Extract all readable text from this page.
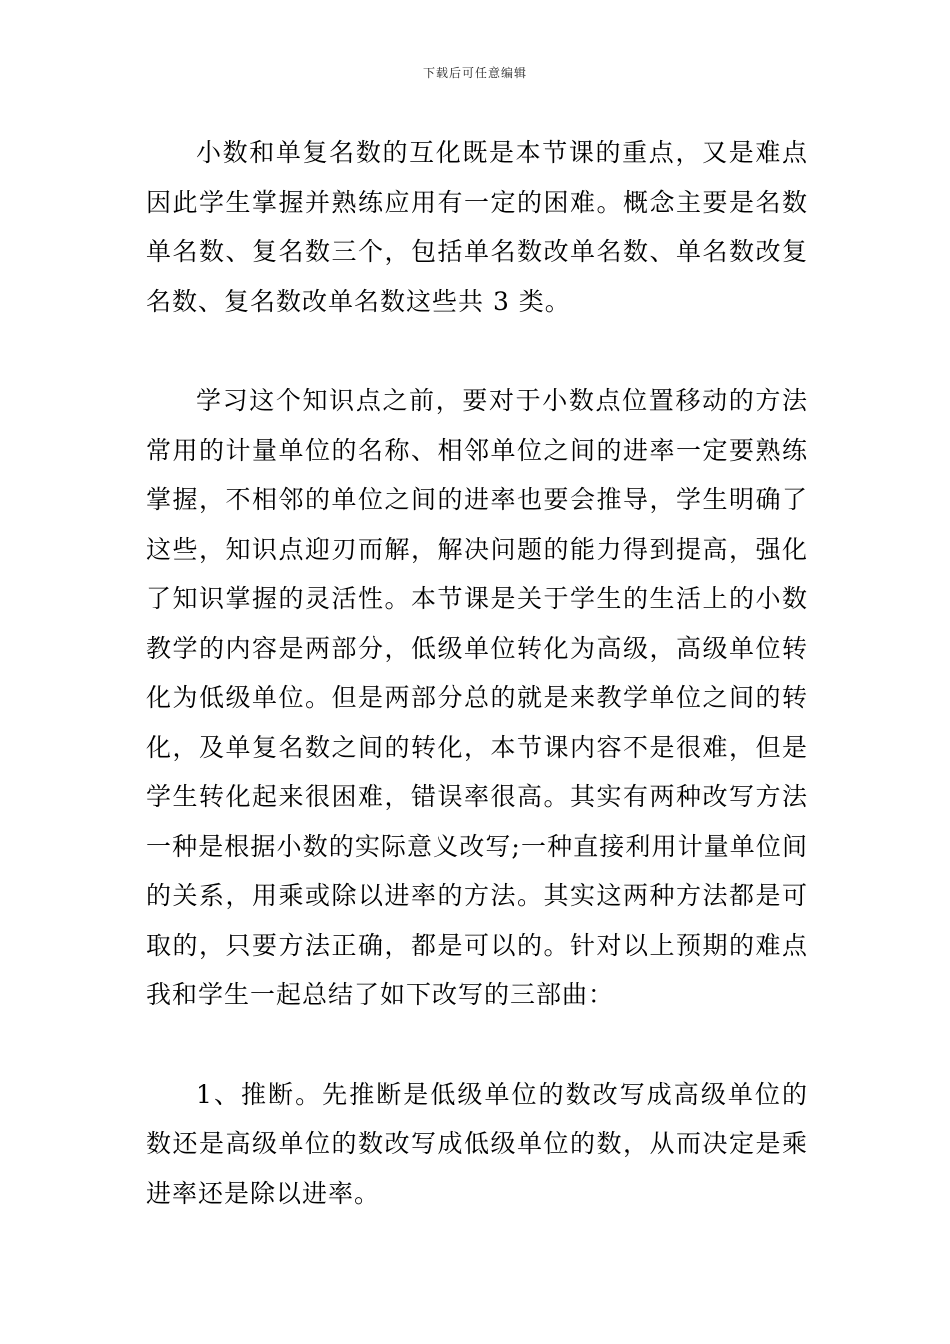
下载后可任意编辑

小数和单复名数的互化既是本节课的重点，又是难点因此学生掌握并熟练应用有一定的困难。概念主要是名数单名数、复名数三个，包括单名数改单名数、单名数改复名数、复名数改单名数这些共 3 类。

学习这个知识点之前，要对于小数点位置移动的方法常用的计量单位的名称、相邻单位之间的进率一定要熟练掌握，不相邻的单位之间的进率也要会推导，学生明确了这些，知识点迎刃而解，解决问题的能力得到提高，强化了知识掌握的灵活性。本节课是关于学生的生活上的小数教学的内容是两部分，低级单位转化为高级，高级单位转化为低级单位。但是两部分总的就是来教学单位之间的转化，及单复名数之间的转化，本节课内容不是很难，但是学生转化起来很困难，错误率很高。其实有两种改写方法一种是根据小数的实际意义改写;一种直接利用计量单位间的关系，用乘或除以进率的方法。其实这两种方法都是可取的，只要方法正确，都是可以的。针对以上预期的难点我和学生一起总结了如下改写的三部曲：

1、推断。先推断是低级单位的数改写成高级单位的数还是高级单位的数改写成低级单位的数，从而决定是乘进率还是除以进率。
